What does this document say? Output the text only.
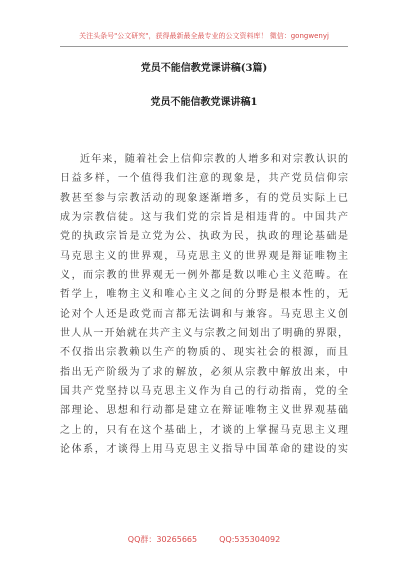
关注头条号"公文研究"，获得最新最全最专业的公文资料库！ 微信：gongwenyj
党员不能信教党课讲稿(3篇)
党员不能信教党课讲稿1
近年来，随着社会上信仰宗教的人增多和对宗教认识的
日益多样，一个值得我们注意的现象是，共产党员信仰宗
教甚至参与宗教活动的现象逐渐增多，有的党员实际上已
成为宗教信徒。这与我们党的宗旨是相违背的。中国共产
党的执政宗旨是立党为公、执政为民，执政的理论基础是
马克思主义的世界观，马克思主义的世界观是辩证唯物主
义，而宗教的世界观无一例外都是数以唯心主义范畴。在
哲学上，唯物主义和唯心主义之间的分野是根本性的，无
论对个人还是政党而言都无法调和与兼容。马克思主义创
世人从一开始就在共产主义与宗教之间划出了明确的界限，
不仅指出宗教赖以生产的物质的、现实社会的根源，而且
指出无产阶级为了求的解放，必须从宗教中解放出来，中
国共产党坚持以马克思主义作为自己的行动指南，党的全
部理论、思想和行动都是建立在辩证唯物主义世界观基础
之上的，只有在这个基础上，才谈的上掌握马克思主义理
论体系，才谈得上用马克思主义指导中国革命的建设的实
QQ群：30265665	QQ:535304092
